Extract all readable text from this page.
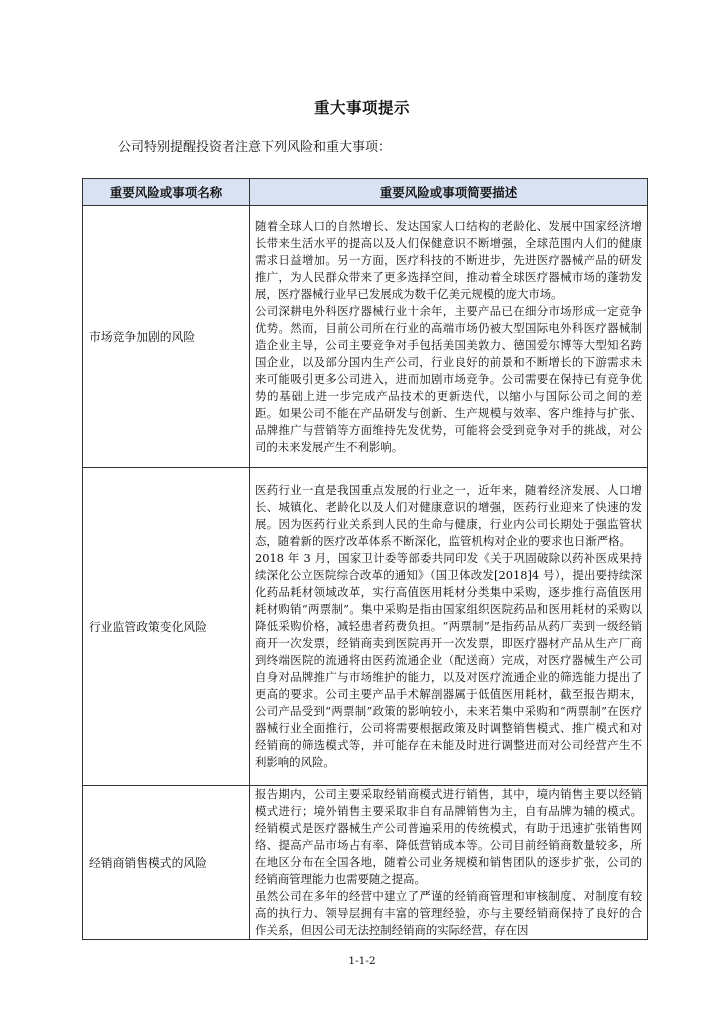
重大事项提示
公司特别提醒投资者注意下列风险和重大事项：
重要风险或事项名称	重要风险或事项简要描述
市场竞争加剧的风险	随着全球人口的自然增长、发达国家人口结构的老龄化、发展中国家经济增长带来生活水平的提高以及人们保健意识不断增强，全球范围内人们的健康需求日益增加。另一方面，医疗科技的不断进步，先进医疗器械产品的研发推广，为人民群众带来了更多选择空间，推动着全球医疗器械市场的蓬勃发展，医疗器械行业早已发展成为数千亿美元规模的庞大市场。

公司深耕电外科医疗器械行业十余年，主要产品已在细分市场形成一定竞争优势。然而，目前公司所在行业的高端市场仍被大型国际电外科医疗器械制造企业主导，公司主要竞争对手包括美国美敦力、德国爱尔博等大型知名跨国企业，以及部分国内生产公司，行业良好的前景和不断增长的下游需求未来可能吸引更多公司进入，进而加剧市场竞争。公司需要在保持已有竞争优势的基础上进一步完成产品技术的更新迭代，以缩小与国际公司之间的差距。如果公司不能在产品研发与创新、生产规模与效率、客户维持与扩张、品牌推广与营销等方面维持先发优势，可能将会受到竞争对手的挑战，对公司的未来发展产生不利影响。

行业监管政策变化风险	医药行业一直是我国重点发展的行业之一，近年来，随着经济发展、人口增长、城镇化、老龄化以及人们对健康意识的增强，医药行业迎来了快速的发展。因为医药行业关系到人民的生命与健康，行业内公司长期处于强监管状态，随着新的医疗改革体系不断深化，监管机构对企业的要求也日渐严格。

2018 年 3 月，国家卫计委等部委共同印发《关于巩固破除以药补医成果持续深化公立医院综合改革的通知》（国卫体改发[2018]4 号），提出要持续深化药品耗材领域改革，实行高值医用耗材分类集中采购，逐步推行高值医用耗材购销“两票制”。集中采购是指由国家组织医院药品和医用耗材的采购以降低采购价格，减轻患者药费负担。“两票制”是指药品从药厂卖到一级经销商开一次发票，经销商卖到医院再开一次发票，即医疗器材产品从生产厂商到终端医院的流通将由医药流通企业（配送商）完成，对医疗器械生产公司自身对品牌推广与市场维护的能力，以及对医疗流通企业的筛选能力提出了更高的要求。公司主要产品手术解剖器属于低值医用耗材，截至报告期末，公司产品受到“两票制”政策的影响较小，未来若集中采购和“两票制”在医疗器械行业全面推行，公司将需要根据政策及时调整销售模式、推广模式和对经销商的筛选模式等，并可能存在未能及时进行调整进而对公司经营产生不利影响的风险。

经销商销售模式的风险	报告期内，公司主要采取经销商模式进行销售，其中，境内销售主要以经销模式进行；境外销售主要采取非自有品牌销售为主，自有品牌为辅的模式。经销模式是医疗器械生产公司普遍采用的传统模式，有助于迅速扩张销售网络、提高产品市场占有率、降低营销成本等。公司目前经销商数量较多，所在地区分布在全国各地，随着公司业务规模和销售团队的逐步扩张，公司的经销商管理能力也需要随之提高。

虽然公司在多年的经营中建立了严谨的经销商管理和审核制度、对制度有较高的执行力、领导层拥有丰富的管理经验，亦与主要经销商保持了良好的合作关系，但因公司无法控制经销商的实际经营，存在因

1-1-2
